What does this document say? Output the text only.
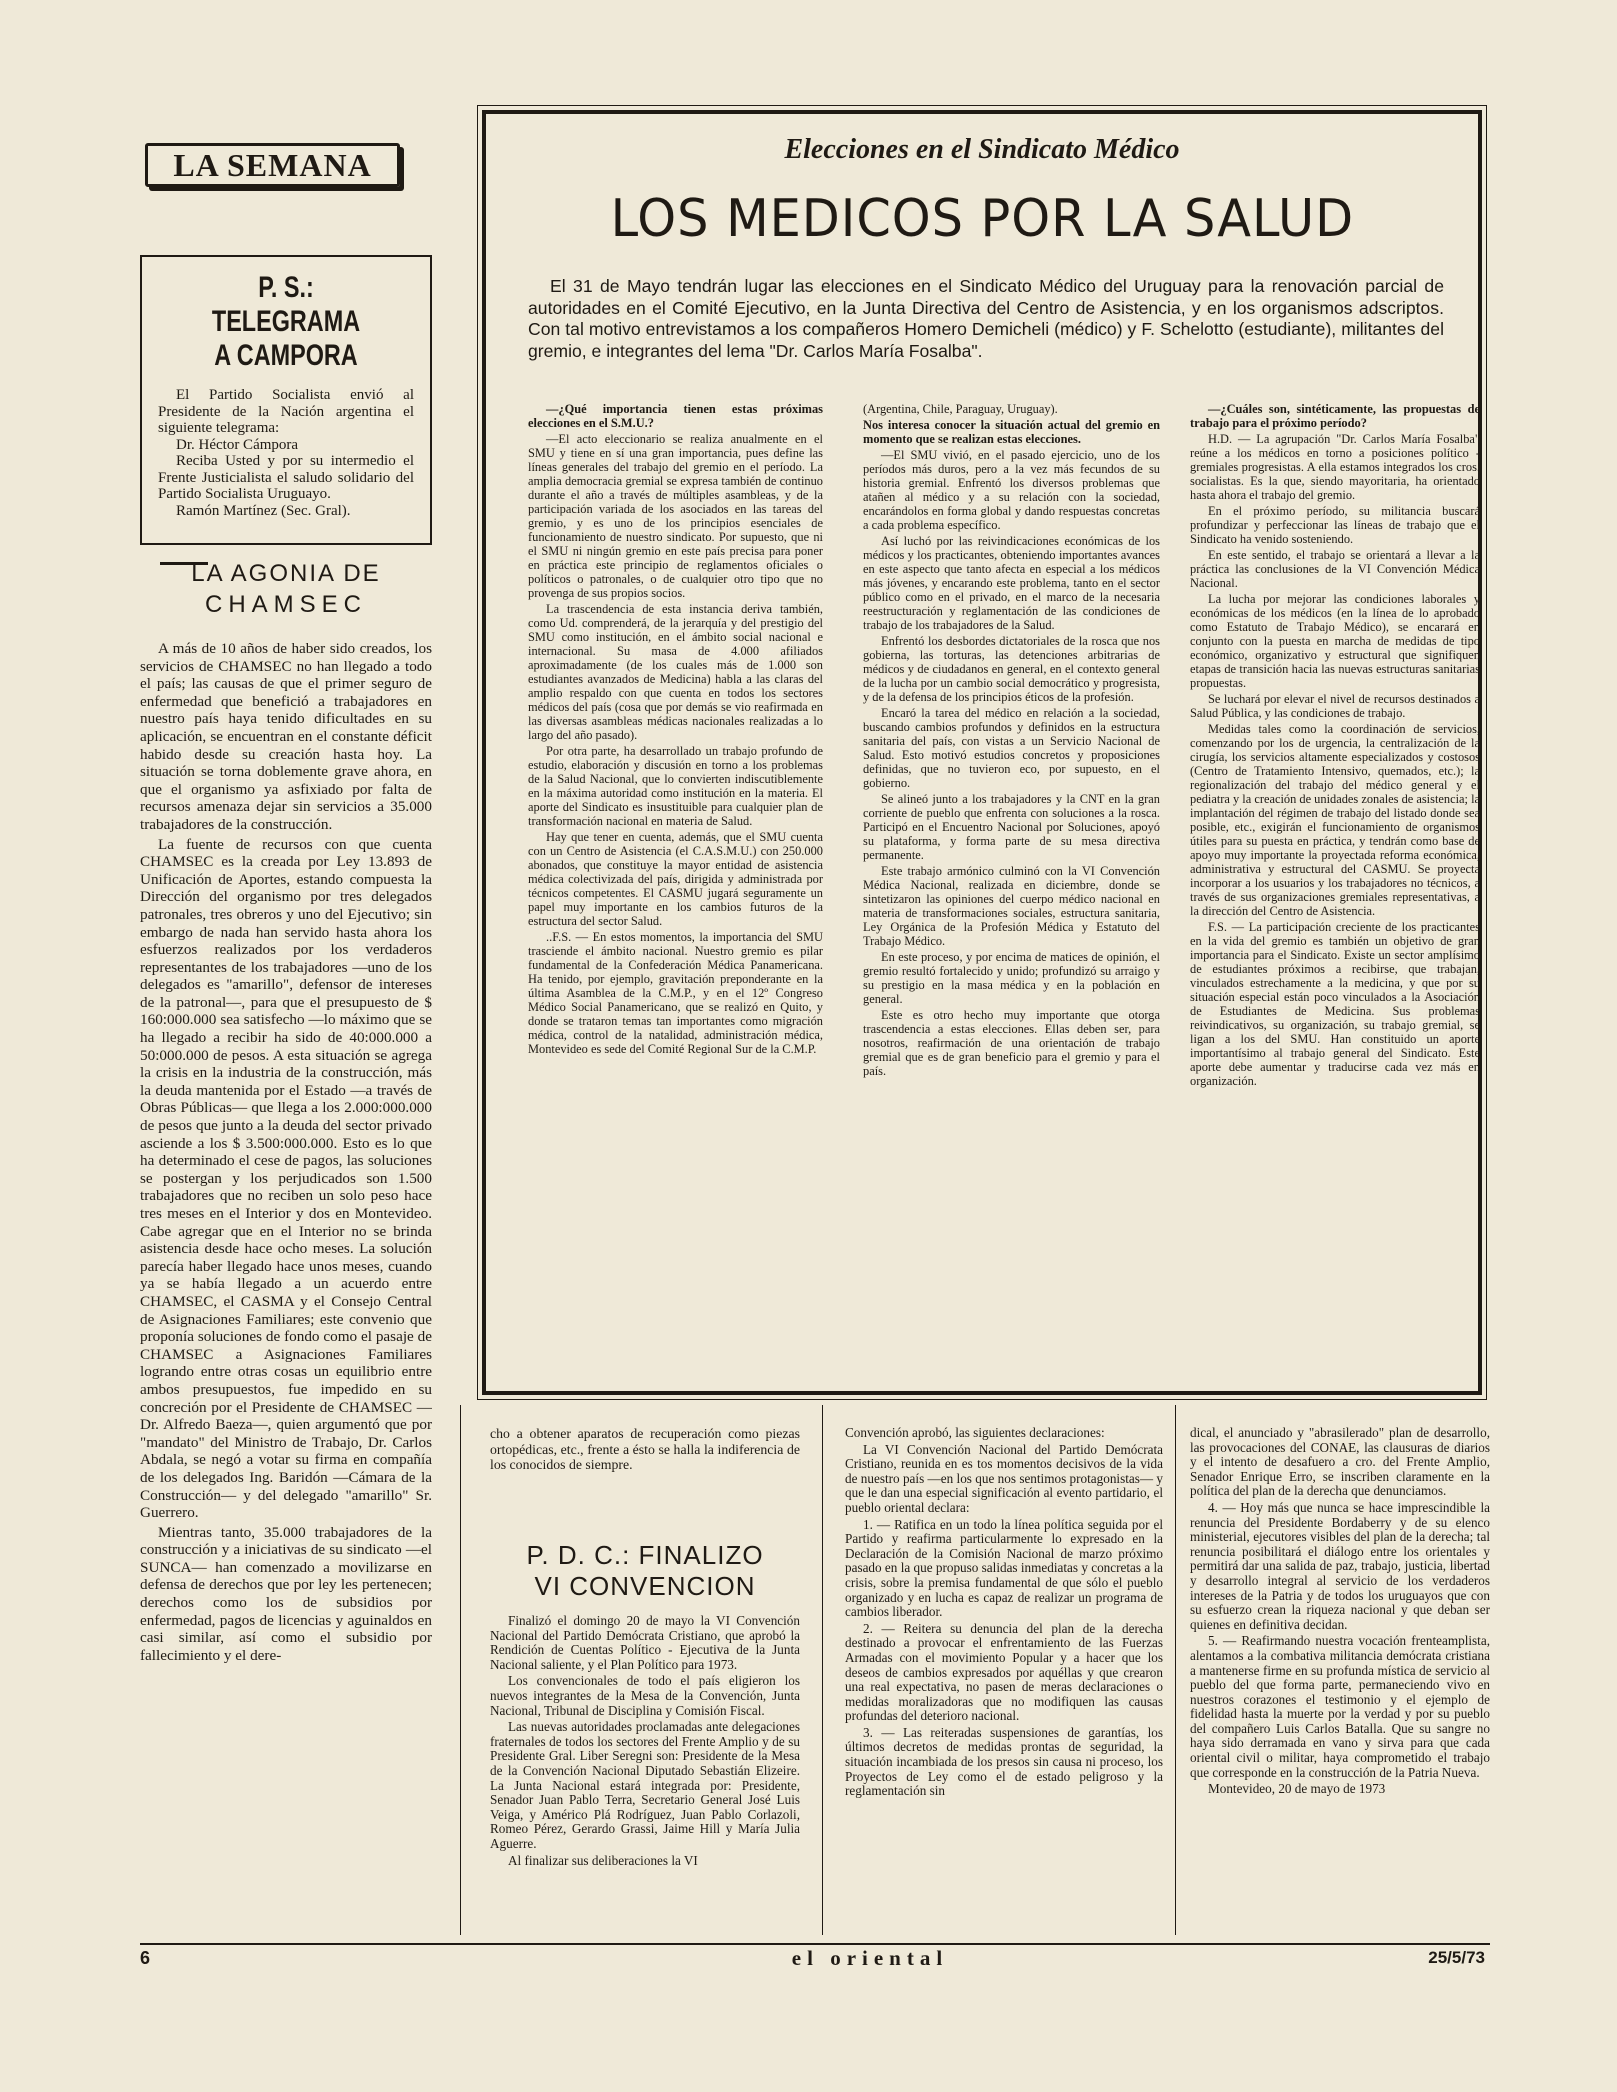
LA SEMANA
P. S.: TELEGRAMA
A CAMPORA

El Partido Socialista envió al Presidente de la Nación argentina el siguiente telegrama:

Dr. Héctor Cámpora

Reciba Usted y por su intermedio el Frente Justicialista el saludo solidario del Partido Socialista Uruguayo.

Ramón Martínez (Sec. Gral).

LA AGONIA DE
CHAMSEC

A más de 10 años de haber sido creados, los servicios de CHAMSEC no han llegado a todo el país; las causas de que el primer seguro de enfermedad que benefició a trabajadores en nuestro país haya tenido dificultades en su aplicación, se encuentran en el constante déficit habido desde su creación hasta hoy. La situación se torna doblemente grave ahora, en que el organismo ya asfixiado por falta de recursos amenaza dejar sin servicios a 35.000 trabajadores de la construcción.

La fuente de recursos con que cuenta CHAMSEC es la creada por Ley 13.893 de Unificación de Aportes, estando compuesta la Dirección del organismo por tres delegados patronales, tres obreros y uno del Ejecutivo; sin embargo de nada han servido hasta ahora los esfuerzos realizados por los verdaderos representantes de los trabajadores —uno de los delegados es "amarillo", defensor de intereses de la patronal—, para que el presupuesto de $ 160:000.000 sea satisfecho —lo máximo que se ha llegado a recibir ha sido de 40:000.000 a 50:000.000 de pesos. A esta situación se agrega la crisis en la industria de la construcción, más la deuda mantenida por el Estado —a través de Obras Públicas— que llega a los 2.000:000.000 de pesos que junto a la deuda del sector privado asciende a los $ 3.500:000.000. Esto es lo que ha determinado el cese de pagos, las soluciones se postergan y los perjudicados son 1.500 trabajadores que no reciben un solo peso hace tres meses en el Interior y dos en Montevideo. Cabe agregar que en el Interior no se brinda asistencia desde hace ocho meses. La solución parecía haber llegado hace unos meses, cuando ya se había llegado a un acuerdo entre CHAMSEC, el CASMA y el Consejo Central de Asignaciones Familiares; este convenio que proponía soluciones de fondo como el pasaje de CHAMSEC a Asignaciones Familiares logrando entre otras cosas un equilibrio entre ambos presupuestos, fue impedido en su concreción por el Presidente de CHAMSEC —Dr. Alfredo Baeza—, quien argumentó que por "mandato" del Ministro de Trabajo, Dr. Carlos Abdala, se negó a votar su firma en compañía de los delegados Ing. Baridón —Cámara de la Construcción— y del delegado "amarillo" Sr. Guerrero.

Mientras tanto, 35.000 trabajadores de la construcción y a iniciativas de su sindicato —el SUNCA— han comenzado a movilizarse en defensa de derechos que por ley les pertenecen; derechos como los de subsidios por enfermedad, pagos de licencias y aguinaldos en casi similar, así como el subsidio por fallecimiento y el dere-

Elecciones en el Sindicato Médico
LOS MEDICOS POR LA SALUD
El 31 de Mayo tendrán lugar las elecciones en el Sindicato Médico del Uruguay para la renovación parcial de autoridades en el Comité Ejecutivo, en la Junta Directiva del Centro de Asistencia, y en los organismos adscriptos. Con tal motivo entrevistamos a los compañeros Homero Demicheli (médico) y F. Schelotto (estudiante), militantes del gremio, e integrantes del lema "Dr. Carlos María Fosalba".

—¿Qué importancia tienen estas próximas elecciones en el S.M.U.?

—El acto eleccionario se realiza anualmente en el SMU y tiene en sí una gran importancia, pues define las líneas generales del trabajo del gremio en el período. La amplia democracia gremial se expresa también de continuo durante el año a través de múltiples asambleas, y de la participación variada de los asociados en las tareas del gremio, y es uno de los principios esenciales de funcionamiento de nuestro sindicato. Por supuesto, que ni el SMU ni ningún gremio en este país precisa para poner en práctica este principio de reglamentos oficiales o políticos o patronales, o de cualquier otro tipo que no provenga de sus propios socios.

La trascendencia de esta instancia deriva también, como Ud. comprenderá, de la jerarquía y del prestigio del SMU como institución, en el ámbito social nacional e internacional. Su masa de 4.000 afiliados aproximadamente (de los cuales más de 1.000 son estudiantes avanzados de Medicina) habla a las claras del amplio respaldo con que cuenta en todos los sectores médicos del país (cosa que por demás se vio reafirmada en las diversas asambleas médicas nacionales realizadas a lo largo del año pasado).

Por otra parte, ha desarrollado un trabajo profundo de estudio, elaboración y discusión en torno a los problemas de la Salud Nacional, que lo convierten indiscutiblemente en la máxima autoridad como institución en la materia. El aporte del Sindicato es insustituible para cualquier plan de transformación nacional en materia de Salud.

Hay que tener en cuenta, además, que el SMU cuenta con un Centro de Asistencia (el C.A.S.M.U.) con 250.000 abonados, que constituye la mayor entidad de asistencia médica colectivizada del país, dirigida y administrada por técnicos competentes. El CASMU jugará seguramente un papel muy importante en los cambios futuros de la estructura del sector Salud.

..F.S. — En estos momentos, la importancia del SMU trasciende el ámbito nacional. Nuestro gremio es pilar fundamental de la Confederación Médica Panamericana. Ha tenido, por ejemplo, gravitación preponderante en la última Asamblea de la C.M.P., y en el 12º Congreso Médico Social Panamericano, que se realizó en Quito, y donde se trataron temas tan importantes como migración médica, control de la natalidad, administración médica, Montevideo es sede del Comité Regional Sur de la C.M.P.

(Argentina, Chile, Paraguay, Uruguay).

Nos interesa conocer la situación actual del gremio en momento que se realizan estas elecciones.

—El SMU vivió, en el pasado ejercicio, uno de los períodos más duros, pero a la vez más fecundos de su historia gremial. Enfrentó los diversos problemas que atañen al médico y a su relación con la sociedad, encarándolos en forma global y dando respuestas concretas a cada problema específico.

Así luchó por las reivindicaciones económicas de los médicos y los practicantes, obteniendo importantes avances en este aspecto que tanto afecta en especial a los médicos más jóvenes, y encarando este problema, tanto en el sector público como en el privado, en el marco de la necesaria reestructuración y reglamentación de las condiciones de trabajo de los trabajadores de la Salud.

Enfrentó los desbordes dictatoriales de la rosca que nos gobierna, las torturas, las detenciones arbitrarias de médicos y de ciudadanos en general, en el contexto general de la lucha por un cambio social democrático y progresista, y de la defensa de los principios éticos de la profesión.

Encaró la tarea del médico en relación a la sociedad, buscando cambios profundos y definidos en la estructura sanitaria del país, con vistas a un Servicio Nacional de Salud. Esto motivó estudios concretos y proposiciones definidas, que no tuvieron eco, por supuesto, en el gobierno.

Se alineó junto a los trabajadores y la CNT en la gran corriente de pueblo que enfrenta con soluciones a la rosca. Participó en el Encuentro Nacional por Soluciones, apoyó su plataforma, y forma parte de su mesa directiva permanente.

Este trabajo armónico culminó con la VI Convención Médica Nacional, realizada en diciembre, donde se sintetizaron las opiniones del cuerpo médico nacional en materia de transformaciones sociales, estructura sanitaria, Ley Orgánica de la Profesión Médica y Estatuto del Trabajo Médico.

En este proceso, y por encima de matices de opinión, el gremio resultó fortalecido y unido; profundizó su arraigo y su prestigio en la masa médica y en la población en general.

Este es otro hecho muy importante que otorga trascendencia a estas elecciones. Ellas deben ser, para nosotros, reafirmación de una orientación de trabajo gremial que es de gran beneficio para el gremio y para el país.

—¿Cuáles son, sintéticamente, las propuestas de trabajo para el próximo período?

H.D. — La agrupación "Dr. Carlos María Fosalba" reúne a los médicos en torno a posiciones político - gremiales progresistas. A ella estamos integrados los cros. socialistas. Es la que, siendo mayoritaria, ha orientado hasta ahora el trabajo del gremio.

En el próximo período, su militancia buscará profundizar y perfeccionar las líneas de trabajo que el Sindicato ha venido sosteniendo.

En este sentido, el trabajo se orientará a llevar a la práctica las conclusiones de la VI Convención Médica Nacional.

La lucha por mejorar las condiciones laborales y económicas de los médicos (en la línea de lo aprobado como Estatuto de Trabajo Médico), se encarará en conjunto con la puesta en marcha de medidas de tipo económico, organizativo y estructural que signifiquen etapas de transición hacia las nuevas estructuras sanitarias propuestas.

Se luchará por elevar el nivel de recursos destinados a Salud Pública, y las condiciones de trabajo.

Medidas tales como la coordinación de servicios, comenzando por los de urgencia, la centralización de la cirugía, los servicios altamente especializados y costosos (Centro de Tratamiento Intensivo, quemados, etc.); la regionalización del trabajo del médico general y el pediatra y la creación de unidades zonales de asistencia; la implantación del régimen de trabajo del listado donde sea posible, etc., exigirán el funcionamiento de organismos útiles para su puesta en práctica, y tendrán como base de apoyo muy importante la proyectada reforma económica, administrativa y estructural del CASMU. Se proyecta incorporar a los usuarios y los trabajadores no técnicos, a través de sus organizaciones gremiales representativas, a la dirección del Centro de Asistencia.

F.S. — La participación creciente de los practicantes en la vida del gremio es también un objetivo de gran importancia para el Sindicato. Existe un sector amplísimo de estudiantes próximos a recibirse, que trabajan, vinculados estrechamente a la medicina, y que por su situación especial están poco vinculados a la Asociación de Estudiantes de Medicina. Sus problemas reivindicativos, su organización, su trabajo gremial, se ligan a los del SMU. Han constituido un aporte importantísimo al trabajo general del Sindicato. Este aporte debe aumentar y traducirse cada vez más en organización.

cho a obtener aparatos de recuperación como piezas ortopédicas, etc., frente a ésto se halla la indiferencia de los conocidos de siempre.

P. D. C.: FINALIZO
VI CONVENCION

Finalizó el domingo 20 de mayo la VI Convención Nacional del Partido Demócrata Cristiano, que aprobó la Rendición de Cuentas Político - Ejecutiva de la Junta Nacional saliente, y el Plan Político para 1973.

Los convencionales de todo el país eligieron los nuevos integrantes de la Mesa de la Convención, Junta Nacional, Tribunal de Disciplina y Comisión Fiscal.

Las nuevas autoridades proclamadas ante delegaciones fraternales de todos los sectores del Frente Amplio y de su Presidente Gral. Liber Seregni son: Presidente de la Mesa de la Convención Nacional Diputado Sebastián Elizeire. La Junta Nacional estará integrada por: Presidente, Senador Juan Pablo Terra, Secretario General José Luis Veiga, y Américo Plá Rodríguez, Juan Pablo Corlazoli, Romeo Pérez, Gerardo Grassi, Jaime Hill y María Julia Aguerre.

Al finalizar sus deliberaciones la VI

Convención aprobó, las siguientes declaraciones:

La VI Convención Nacional del Partido Demócrata Cristiano, reunida en es tos momentos decisivos de la vida de nuestro país —en los que nos sentimos protagonistas— y que le dan una especial significación al evento partidario, el pueblo oriental declara:

1. — Ratifica en un todo la línea política seguida por el Partido y reafirma particularmente lo expresado en la Declaración de la Comisión Nacional de marzo próximo pasado en la que propuso salidas inmediatas y concretas a la crisis, sobre la premisa fundamental de que sólo el pueblo organizado y en lucha es capaz de realizar un programa de cambios liberador.

2. — Reitera su denuncia del plan de la derecha destinado a provocar el enfrentamiento de las Fuerzas Armadas con el movimiento Popular y a hacer que los deseos de cambios expresados por aquéllas y que crearon una real expectativa, no pasen de meras declaraciones o medidas moralizadoras que no modifiquen las causas profundas del deterioro nacional.

3. — Las reiteradas suspensiones de garantías, los últimos decretos de medidas prontas de seguridad, la situación incambiada de los presos sin causa ni proceso, los Proyectos de Ley como el de estado peligroso y la reglamentación sin

dical, el anunciado y "abrasilerado" plan de desarrollo, las provocaciones del CONAE, las clausuras de diarios y el intento de desafuero a cro. del Frente Amplio, Senador Enrique Erro, se inscriben claramente en la política del plan de la derecha que denunciamos.

4. — Hoy más que nunca se hace imprescindible la renuncia del Presidente Bordaberry y de su elenco ministerial, ejecutores visibles del plan de la derecha; tal renuncia posibilitará el diálogo entre los orientales y permitirá dar una salida de paz, trabajo, justicia, libertad y desarrollo integral al servicio de los verdaderos intereses de la Patria y de todos los uruguayos que con su esfuerzo crean la riqueza nacional y que deban ser quienes en definitiva decidan.

5. — Reafirmando nuestra vocación frenteamplista, alentamos a la combativa militancia demócrata cristiana a mantenerse firme en su profunda mística de servicio al pueblo del que forma parte, permaneciendo vivo en nuestros corazones el testimonio y el ejemplo de fidelidad hasta la muerte por la verdad y por su pueblo del compañero Luis Carlos Batalla. Que su sangre no haya sido derramada en vano y sirva para que cada oriental civil o militar, haya comprometido el trabajo que corresponde en la construcción de la Patria Nueva.

Montevideo, 20 de mayo de 1973

6	el oriental	25/5/73
